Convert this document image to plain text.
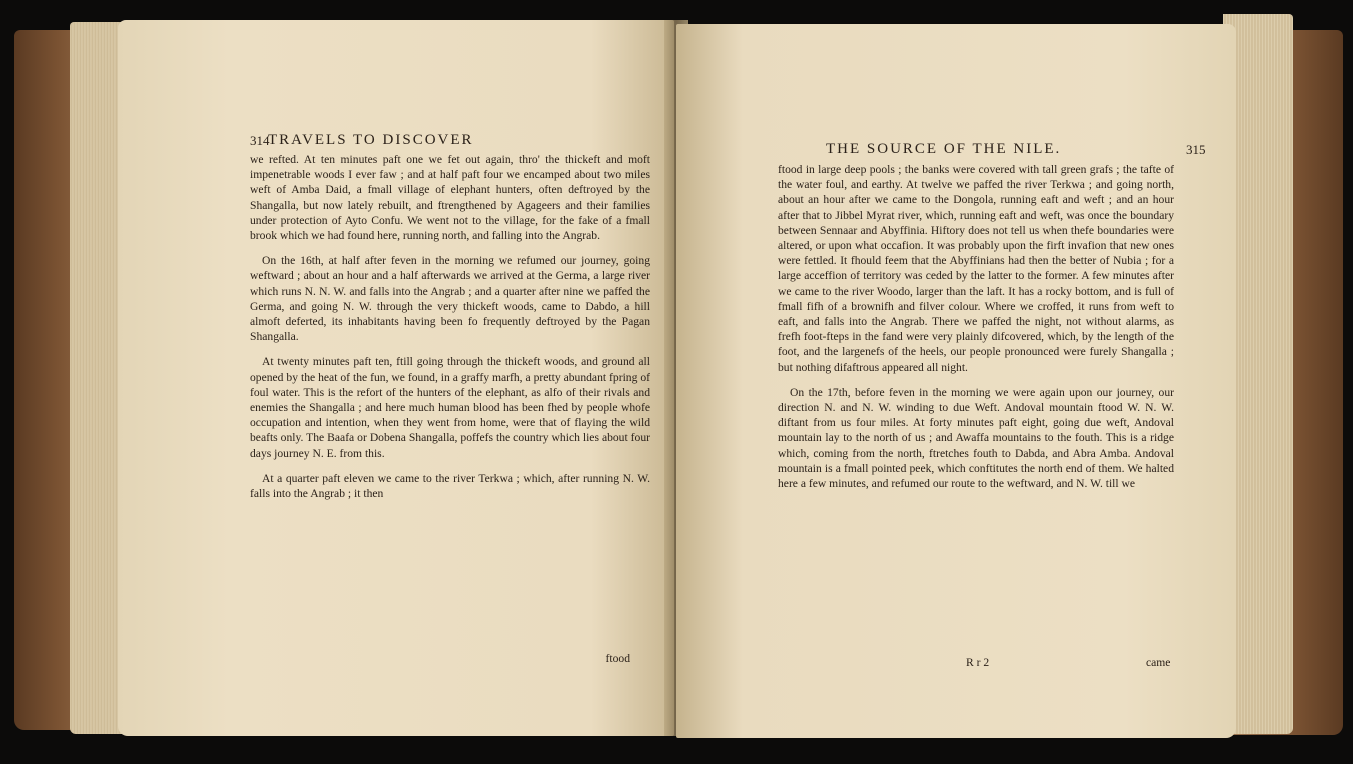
314
TRAVELS TO DISCOVER

we refted. At ten minutes paft one we fet out again, thro' the thickeft and moft impenetrable woods I ever faw ; and at half paft four we encamped about two miles weft of Amba Daid, a fmall village of elephant hunters, often deftroyed by the Shangalla, but now lately rebuilt, and ftrengthened by Agageers and their families under protection of Ayto Confu. We went not to the village, for the fake of a fmall brook which we had found here, running north, and falling into the Angrab.

On the 16th, at half after feven in the morning we refumed our journey, going weftward ; about an hour and a half afterwards we arrived at the Germa, a large river which runs N. N. W. and falls into the Angrab ; and a quarter after nine we paffed the Germa, and going N. W. through the very thickeft woods, came to Dabdo, a hill almoft deferted, its inhabitants having been fo frequently deftroyed by the Pagan Shangalla.

At twenty minutes paft ten, ftill going through the thickeft woods, and ground all opened by the heat of the fun, we found, in a graffy marfh, a pretty abundant fpring of foul water. This is the refort of the hunters of the elephant, as alfo of their rivals and enemies the Shangalla ; and here much human blood has been fhed by people whofe occupation and intention, when they went from home, were that of flaying the wild beafts only. The Baafa or Dobena Shangalla, poffefs the country which lies about four days journey N. E. from this.

At a quarter paft eleven we came to the river Terkwa ; which, after running N. W. falls into the Angrab ; it then

ftood
THE SOURCE OF THE NILE.	315

ftood in large deep pools ; the banks were covered with tall green grafs ; the tafte of the water foul, and earthy. At twelve we paffed the river Terkwa ; and going north, about an hour after we came to the Dongola, running eaft and weft ; and an hour after that to Jibbel Myrat river, which, running eaft and weft, was once the boundary between Sennaar and Abyffinia. Hiftory does not tell us when thefe boundaries were altered, or upon what occafion. It was probably upon the firft invafion that new ones were fettled. It fhould feem that the Abyffinians had then the better of Nubia ; for a large acceffion of territory was ceded by the latter to the former. A few minutes after we came to the river Woodo, larger than the laft. It has a rocky bottom, and is full of fmall fifh of a brownifh and filver colour. Where we croffed, it runs from weft to eaft, and falls into the Angrab. There we paffed the night, not without alarms, as frefh foot-fteps in the fand were very plainly difcovered, which, by the length of the foot, and the largenefs of the heels, our people pronounced were furely Shangalla ; but nothing difaftrous appeared all night.

On the 17th, before feven in the morning we were again upon our journey, our direction N. and N. W. winding to due Weft. Andoval mountain ftood W. N. W. diftant from us four miles. At forty minutes paft eight, going due weft, Andoval mountain lay to the north of us ; and Awaffa mountains to the fouth. This is a ridge which, coming from the north, ftretches fouth to Dabda, and Abra Amba. Andoval mountain is a fmall pointed peek, which conftitutes the north end of them. We halted here a few minutes, and refumed our route to the weftward, and N. W. till we

R r 2	came
